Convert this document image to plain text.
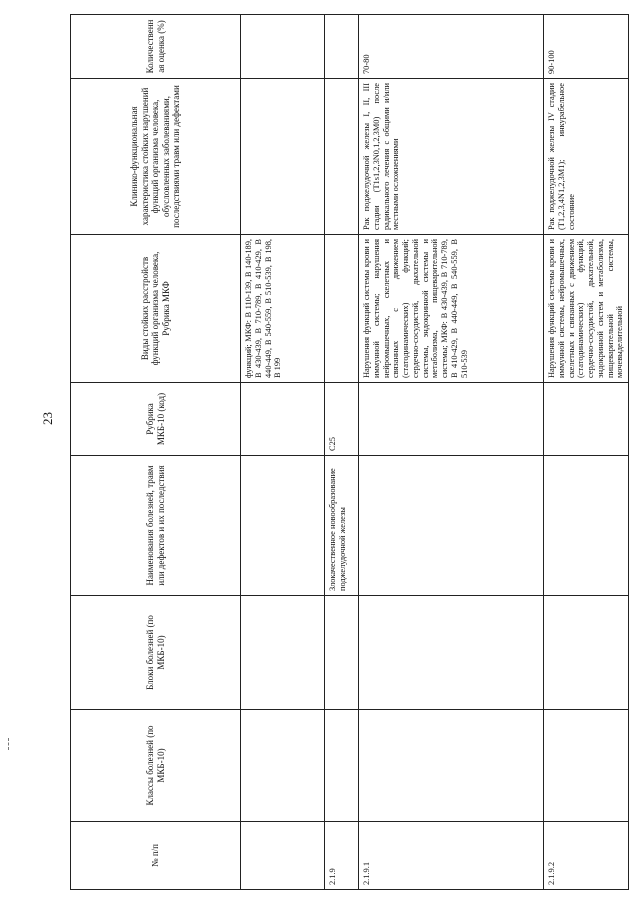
23
№ п/п	Классы болезней (по МКБ-10)	Блоки болезней (по МКБ-10)	Наименования болезней, травм или дефектов и их последствия	Рубрика МКБ-10 (код)	Виды стойких расстройств функций организма человека, Рубрика МКФ	Клинико-функциональная характеристика стойких нарушений функций организма человека, обусловленных заболеваниями, последствиями травм или дефектами	Количественная оценка (%)
					функций; МКФ: B 110-139, B 140-189, B 430-439, B 710-789, B 410-429, B 440-449, B 540-559, B 510-539, B 198, B 199		
2.1.9			Злокачественное новообразование поджелудочной железы	C25			
2.1.9.1					Нарушения функций системы крови и иммунной системы; нарушения нейромышечных, скелетных и связанных с движением (статодинамических) функций; сердечно-сосудистой, дыхательной системы, эндокринной системы и метаболизма, пищеварительной системы; МКФ: B 430-439, B 710-789, B 410-429, B 440-449, B 540-559, B 510-539	Рак поджелудочной железы I, II, III стадии (T1s1,2,3N0,1,2,3M0) после радикального лечения с общими и/или местными осложнениями	70-80
2.1.9.2					Нарушения функций системы крови и иммунной системы, нейромышечных, скелетных и связанных с движением (статодинамических) функций, сердечно-сосудистой, дыхательной, эндокринной систем и метаболизма, пищеварительной системы, мочевыделительной	Рак поджелудочной железы IV стадии (T1,2,3,4N1,2,3M1); инкурабельное состояние	90-100
